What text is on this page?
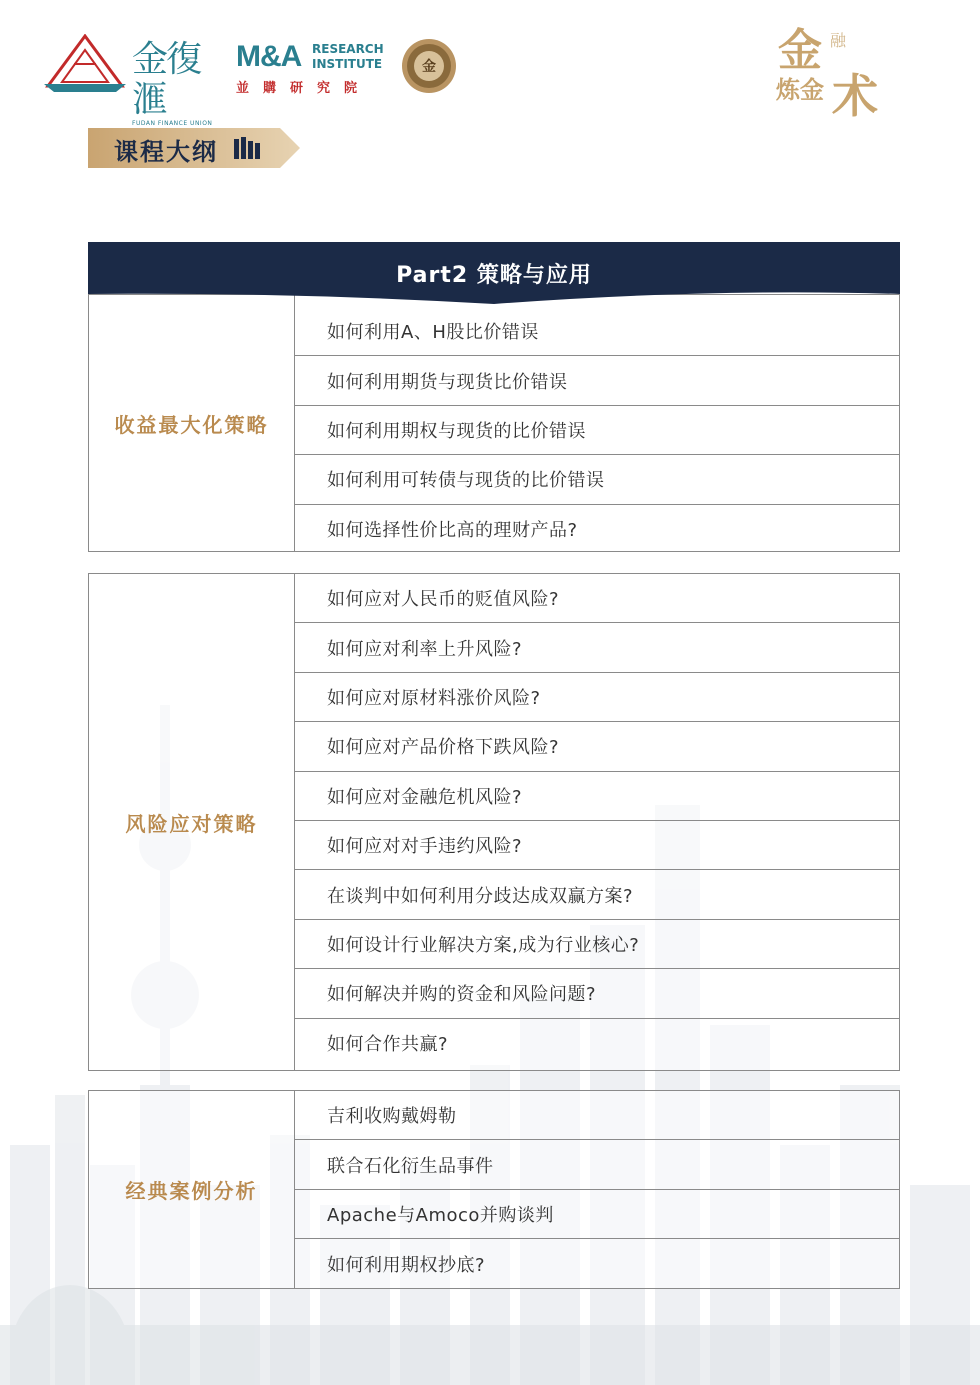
金復滙
FUDAN FINANCE UNION
M&A RESEARCH
INSTITUTE
並購研究院
金	金 融
炼金 术
课程大纲
Part2 策略与应用
收益最大化策略
如何利用A、H股比价错误
如何利用期货与现货比价错误
如何利用期权与现货的比价错误
如何利用可转债与现货的比价错误
如何选择性价比高的理财产品?
风险应对策略
如何应对人民币的贬值风险?
如何应对利率上升风险?
如何应对原材料涨价风险?
如何应对产品价格下跌风险?
如何应对金融危机风险?
如何应对对手违约风险?
在谈判中如何利用分歧达成双赢方案?
如何设计行业解决方案,成为行业核心?
如何解决并购的资金和风险问题?
如何合作共赢?
经典案例分析
吉利收购戴姆勒
联合石化衍生品事件
Apache与Amoco并购谈判
如何利用期权抄底?
